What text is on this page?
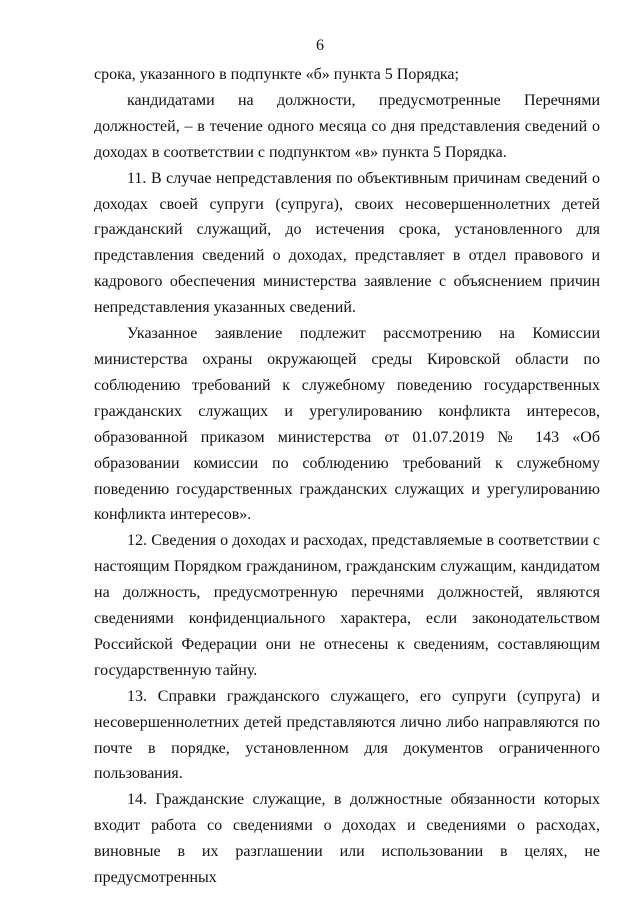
6

срока, указанного в подпункте «б» пункта 5 Порядка;

кандидатами на должности, предусмотренные Перечнями должностей, – в течение одного месяца со дня представления сведений о доходах в соответствии с подпунктом «в» пункта 5 Порядка.

11. В случае непредставления по объективным причинам сведений о доходах своей супруги (супруга), своих несовершеннолетних детей гражданский служащий, до истечения срока, установленного для представления сведений о доходах, представляет в отдел правового и кадрового обеспечения министерства заявление с объяснением причин непредставления указанных сведений.

Указанное заявление подлежит рассмотрению на Комиссии министерства охраны окружающей среды Кировской области по соблюдению требований к служебному поведению государственных гражданских служащих и урегулированию конфликта интересов, образованной приказом министерства от 01.07.2019 № 143 «Об образовании комиссии по соблюдению требований к служебному поведению государственных гражданских служащих и урегулированию конфликта интересов».

12. Сведения о доходах и расходах, представляемые в соответствии с настоящим Порядком гражданином, гражданским служащим, кандидатом на должность, предусмотренную перечнями должностей, являются сведениями конфиденциального характера, если законодательством Российской Федерации они не отнесены к сведениям, составляющим государственную тайну.

13. Справки гражданского служащего, его супруги (супруга) и несовершеннолетних детей представляются лично либо направляются по почте в порядке, установленном для документов ограниченного пользования.

14. Гражданские служащие, в должностные обязанности которых входит работа со сведениями о доходах и сведениями о расходах, виновные в их разглашении или использовании в целях, не предусмотренных
